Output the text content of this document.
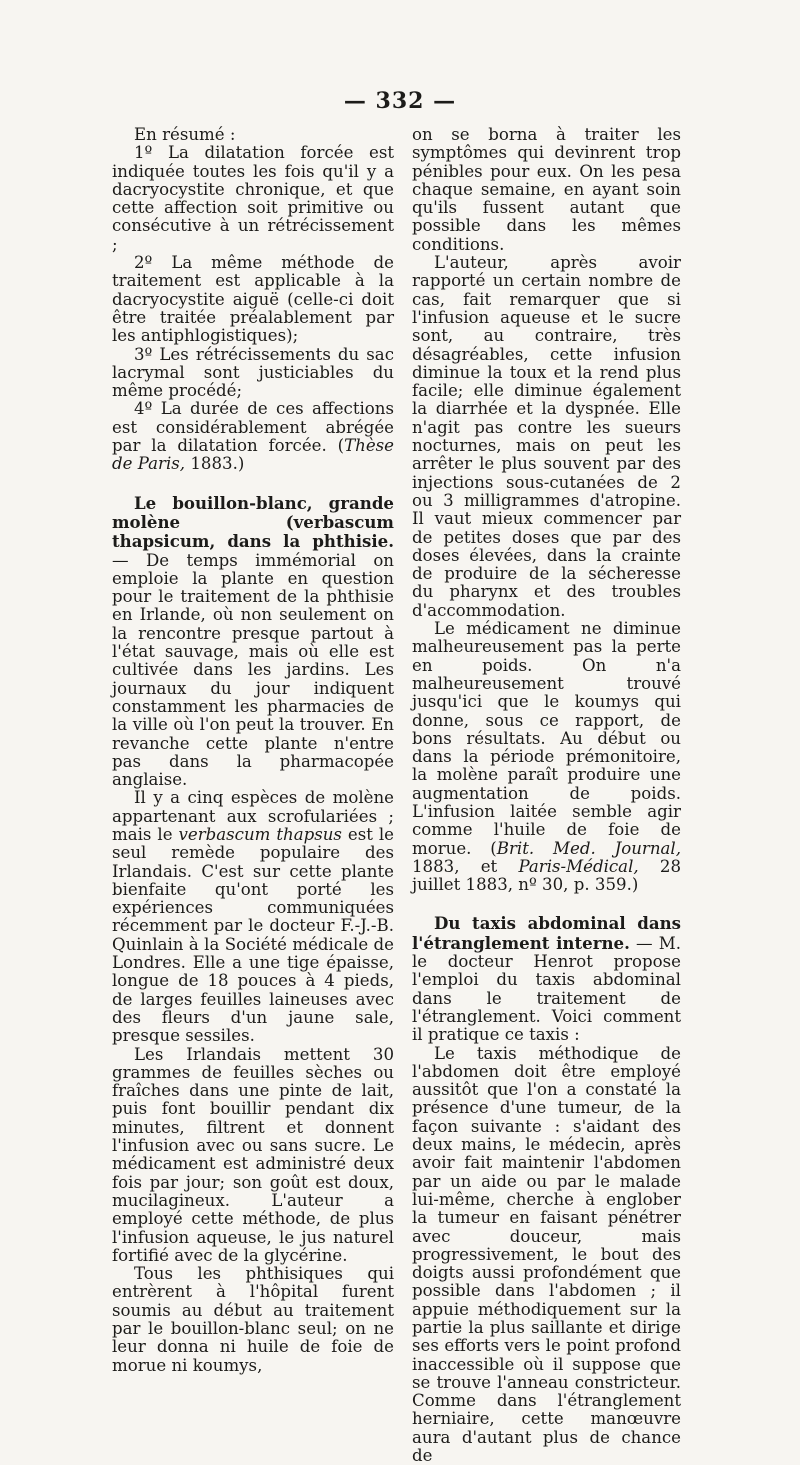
— 332 —

En résumé :

1º La dilatation forcée est indiquée toutes les fois qu'il y a dacryocystite chronique, et que cette affection soit primitive ou consécutive à un rétrécissement ;

2º La même méthode de traitement est applicable à la dacryocystite aiguë (celle-ci doit être traitée préalablement par les antiphlogistiques);

3º Les rétrécissements du sac lacrymal sont justiciables du même procédé;

4º La durée de ces affections est considérablement abrégée par la dilatation forcée. (Thèse de Paris, 1883.)

Le bouillon-blanc, grande molène (verbascum thapsicum, dans la phthisie. — De temps immémorial on emploie la plante en question pour le traitement de la phthisie en Irlande, où non seulement on la rencontre presque partout à l'état sauvage, mais où elle est cultivée dans les jardins. Les journaux du jour indiquent constamment les pharmacies de la ville où l'on peut la trouver. En revanche cette plante n'entre pas dans la pharmacopée anglaise.

Il y a cinq espèces de molène appartenant aux scrofulariées ; mais le verbascum thapsus est le seul remède populaire des Irlandais. C'est sur cette plante bienfaite qu'ont porté les expériences communiquées récemment par le docteur F.-J.-B. Quinlain à la Société médicale de Londres. Elle a une tige épaisse, longue de 18 pouces à 4 pieds, de larges feuilles laineuses avec des fleurs d'un jaune sale, presque sessiles.

Les Irlandais mettent 30 grammes de feuilles sèches ou fraîches dans une pinte de lait, puis font bouillir pendant dix minutes, filtrent et donnent l'infusion avec ou sans sucre. Le médicament est administré deux fois par jour; son goût est doux, mucilagineux. L'auteur a employé cette méthode, de plus l'infusion aqueuse, le jus naturel fortifié avec de la glycérine.

Tous les phthisiques qui entrèrent à l'hôpital furent soumis au début au traitement par le bouillon-blanc seul; on ne leur donna ni huile de foie de morue ni koumys,

on se borna à traiter les symptômes qui devinrent trop pénibles pour eux. On les pesa chaque semaine, en ayant soin qu'ils fussent autant que possible dans les mêmes conditions.

L'auteur, après avoir rapporté un certain nombre de cas, fait remarquer que si l'infusion aqueuse et le sucre sont, au contraire, très désagréables, cette infusion diminue la toux et la rend plus facile; elle diminue également la diarrhée et la dyspnée. Elle n'agit pas contre les sueurs nocturnes, mais on peut les arrêter le plus souvent par des injections sous-cutanées de 2 ou 3 milligrammes d'atropine. Il vaut mieux commencer par de petites doses que par des doses élevées, dans la crainte de produire de la sécheresse du pharynx et des troubles d'accommodation.

Le médicament ne diminue malheureusement pas la perte en poids. On n'a malheureusement trouvé jusqu'ici que le koumys qui donne, sous ce rapport, de bons résultats. Au début ou dans la période prémonitoire, la molène paraît produire une augmentation de poids. L'infusion laitée semble agir comme l'huile de foie de morue. (Brit. Med. Journal, 1883, et Paris-Médical, 28 juillet 1883, nº 30, p. 359.)

Du taxis abdominal dans l'étranglement interne. — M. le docteur Henrot propose l'emploi du taxis abdominal dans le traitement de l'étranglement. Voici comment il pratique ce taxis :

Le taxis méthodique de l'abdomen doit être employé aussitôt que l'on a constaté la présence d'une tumeur, de la façon suivante : s'aidant des deux mains, le médecin, après avoir fait maintenir l'abdomen par un aide ou par le malade lui-même, cherche à englober la tumeur en faisant pénétrer avec douceur, mais progressivement, le bout des doigts aussi profondément que possible dans l'abdomen ; il appuie méthodiquement sur la partie la plus saillante et dirige ses efforts vers le point profond inaccessible où il suppose que se trouve l'anneau constricteur. Comme dans l'étranglement herniaire, cette manœuvre aura d'autant plus de chance de
